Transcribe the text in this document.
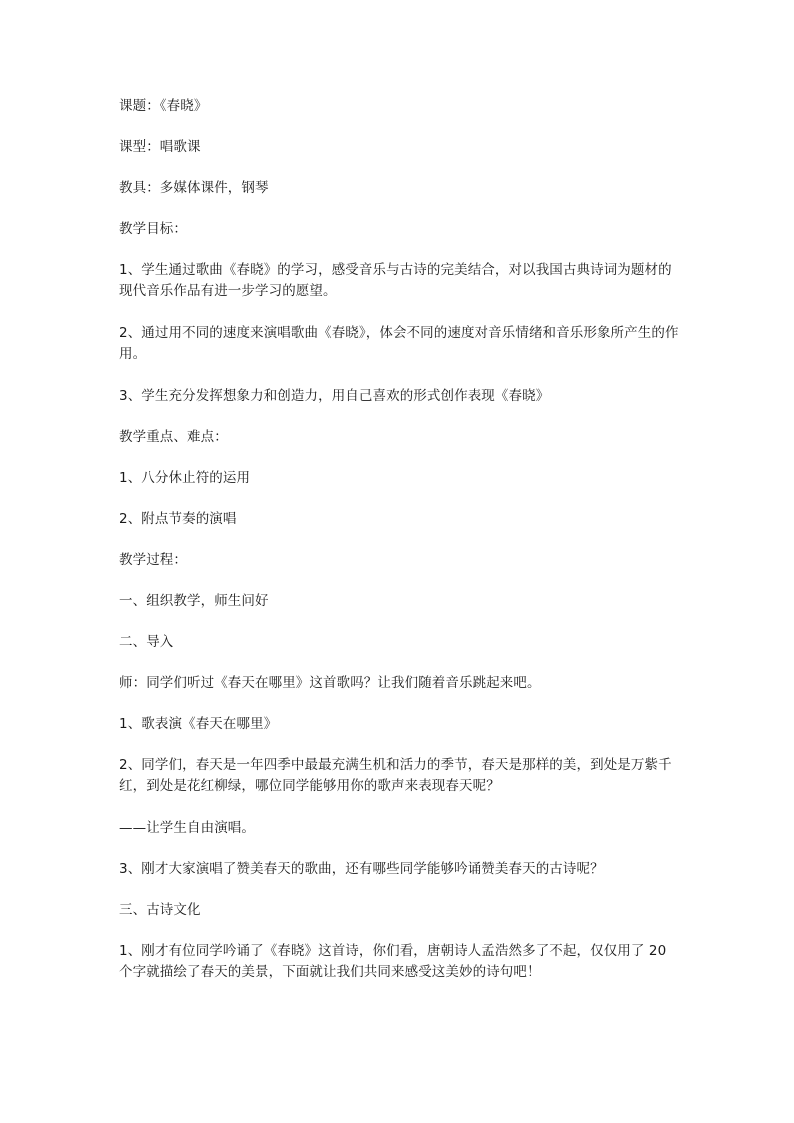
课题：《春晓》

课型：唱歌课

教具：多媒体课件，钢琴

教学目标：

1、学生通过歌曲《春晓》的学习，感受音乐与古诗的完美结合，对以我国古典诗词为题材的现代音乐作品有进一步学习的愿望。

2、通过用不同的速度来演唱歌曲《春晓》，体会不同的速度对音乐情绪和音乐形象所产生的作用。

3、学生充分发挥想象力和创造力，用自己喜欢的形式创作表现《春晓》

教学重点、难点：

1、八分休止符的运用

2、附点节奏的演唱

教学过程：

一、组织教学，师生问好

二、导入

师：同学们听过《春天在哪里》这首歌吗？让我们随着音乐跳起来吧。

1、歌表演《春天在哪里》

2、同学们，春天是一年四季中最最充满生机和活力的季节，春天是那样的美，到处是万紫千红，到处是花红柳绿，哪位同学能够用你的歌声来表现春天呢？

——让学生自由演唱。

3、刚才大家演唱了赞美春天的歌曲，还有哪些同学能够吟诵赞美春天的古诗呢？

三、古诗文化

1、刚才有位同学吟诵了《春晓》这首诗，你们看，唐朝诗人孟浩然多了不起，仅仅用了 20 个字就描绘了春天的美景，下面就让我们共同来感受这美妙的诗句吧！
